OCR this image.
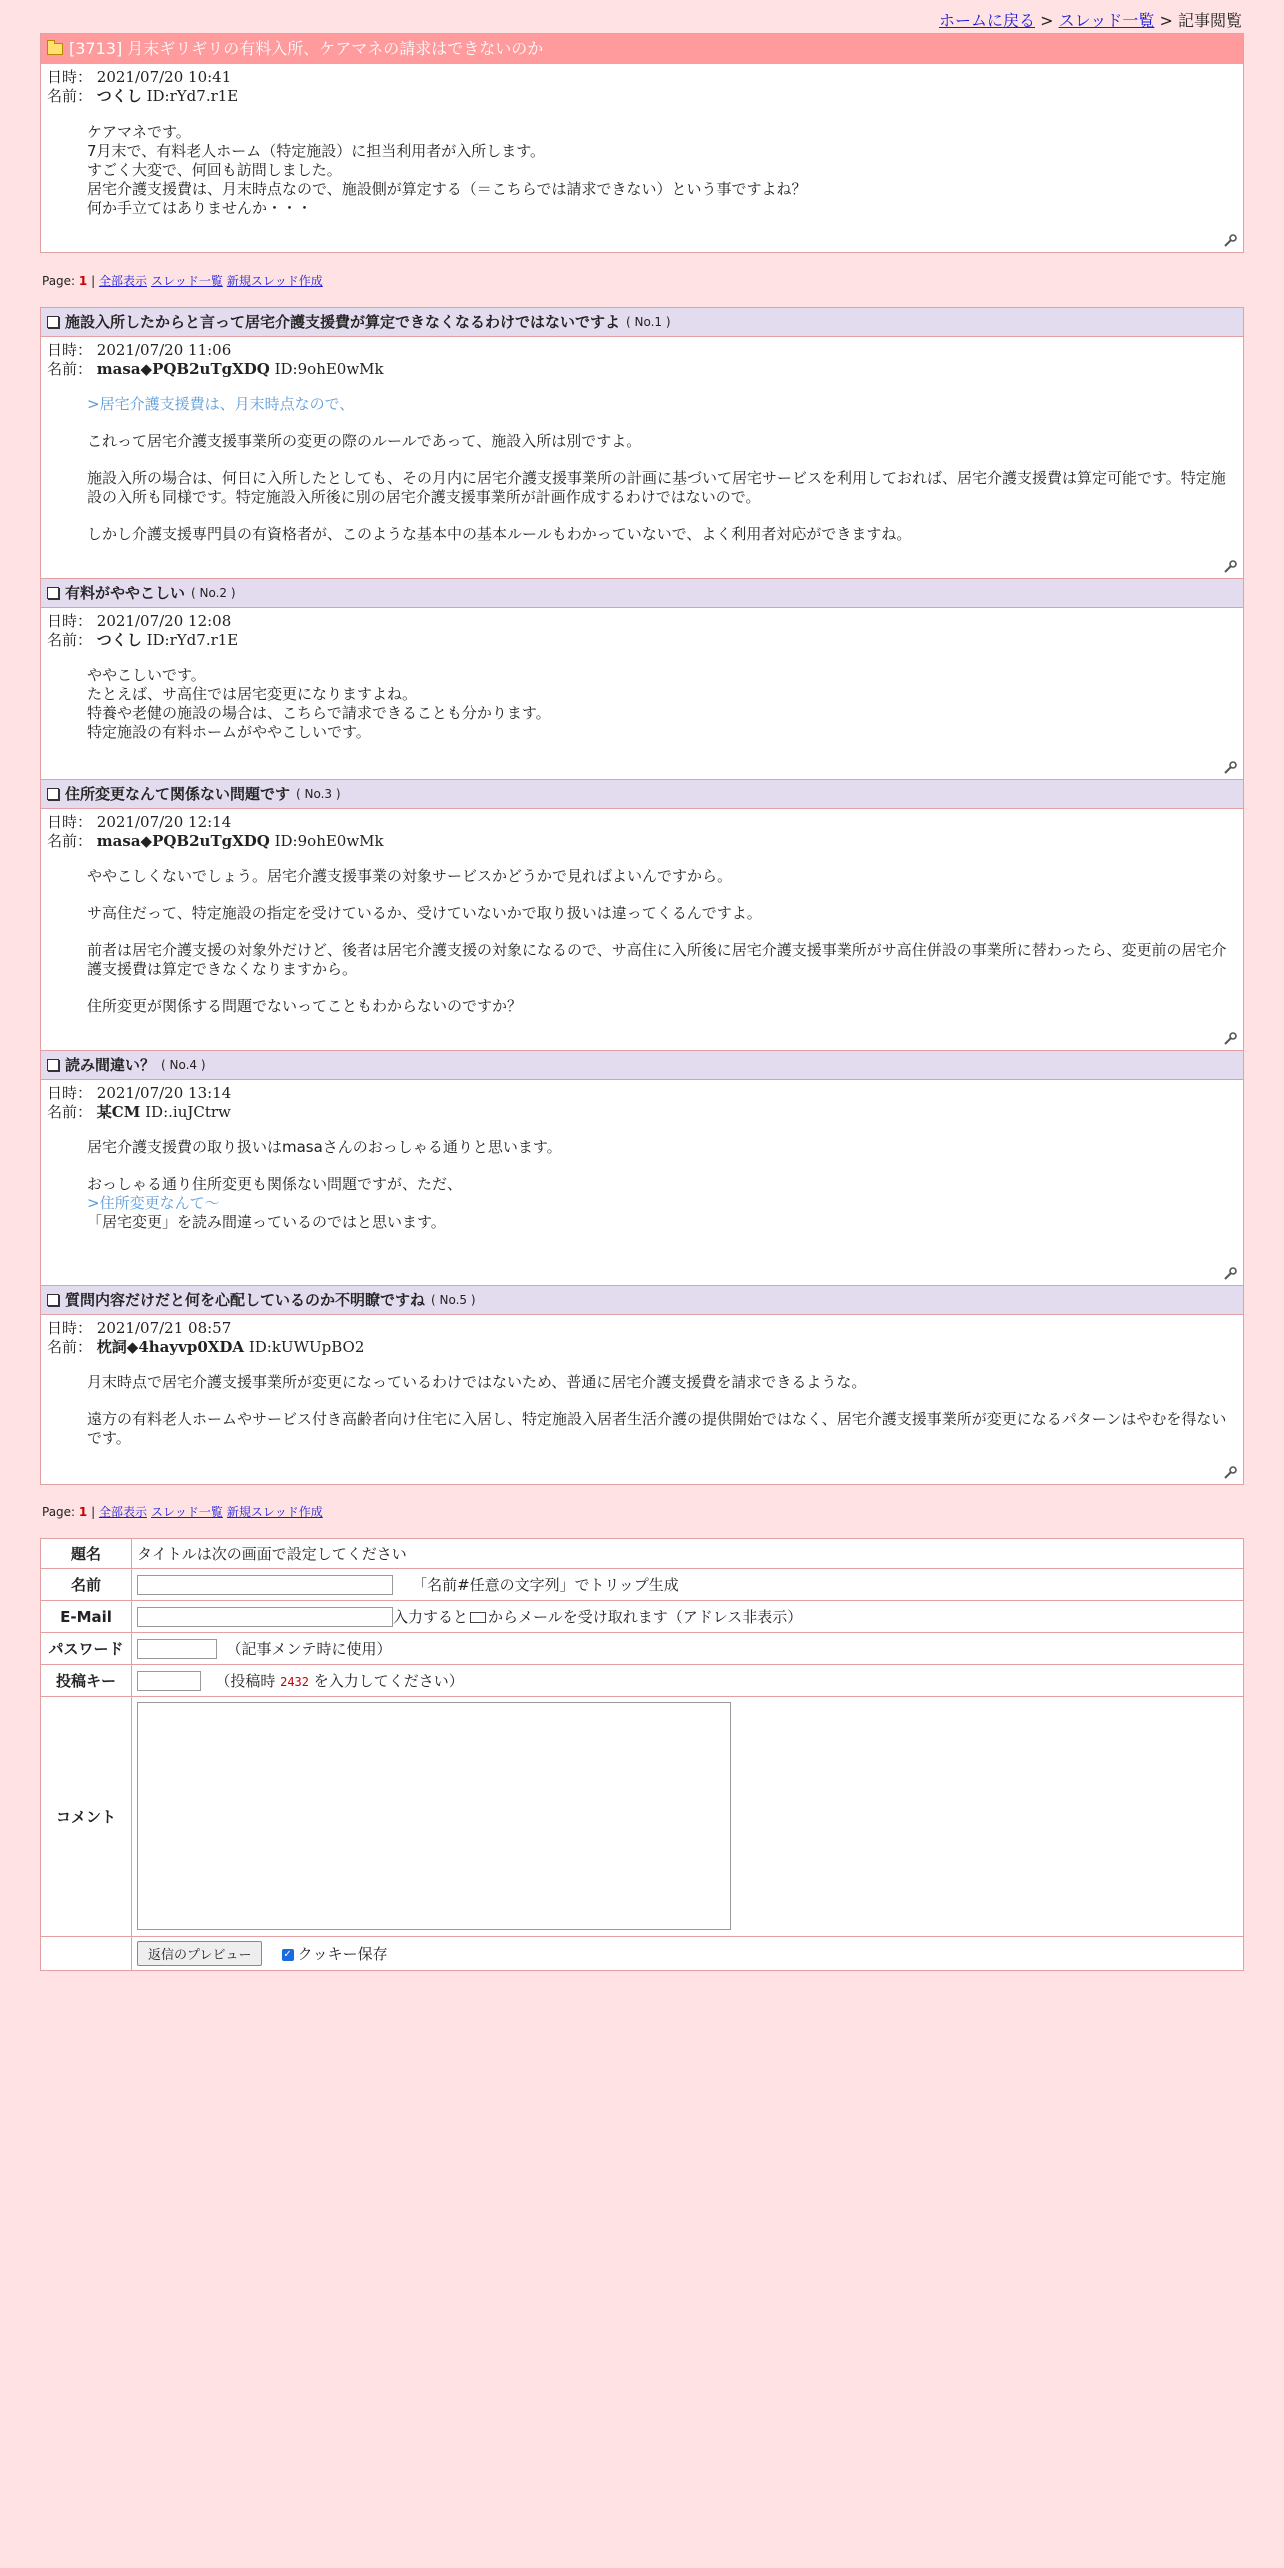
ホームに戻る > スレッド一覧 > 記事閲覧
[3713] 月末ギリギリの有料入所、ケアマネの請求はできないのか
日時： 2021/07/20 10:41
名前： つくし ID:rYd7.r1E
ケアマネです。
7月末で、有料老人ホーム（特定施設）に担当利用者が入所します。
すごく大変で、何回も訪問しました。
居宅介護支援費は、月末時点なので、施設側が算定する（＝こちらでは請求できない）という事ですよね？
何か手立てはありませんか・・・
Page: 1 | 全部表示 スレッド一覧 新規スレッド作成
施設入所したからと言って居宅介護支援費が算定できなくなるわけではないですよ ( No.1 )
日時： 2021/07/20 11:06
名前： masa◆PQB2uTgXDQ ID:9ohE0wMk

>居宅介護支援費は、月末時点なので、

これって居宅介護支援事業所の変更の際のルールであって、施設入所は別ですよ。

施設入所の場合は、何日に入所したとしても、その月内に居宅介護支援事業所の計画に基づいて居宅サービスを利用しておれば、居宅介護支援費は算定可能です。特定施設の入所も同様です。特定施設入所後に別の居宅介護支援事業所が計画作成するわけではないので。

しかし介護支援専門員の有資格者が、このような基本中の基本ルールもわかっていないで、よく利用者対応ができますね。

有料がややこしい ( No.2 )
日時： 2021/07/20 12:08
名前： つくし ID:rYd7.r1E
ややこしいです。
たとえば、サ高住では居宅変更になりますよね。
特養や老健の施設の場合は、こちらで請求できることも分かります。
特定施設の有料ホームがややこしいです。
住所変更なんて関係ない問題です ( No.3 )
日時： 2021/07/20 12:14
名前： masa◆PQB2uTgXDQ ID:9ohE0wMk

ややこしくないでしょう。居宅介護支援事業の対象サービスかどうかで見ればよいんですから。

サ高住だって、特定施設の指定を受けているか、受けていないかで取り扱いは違ってくるんですよ。

前者は居宅介護支援の対象外だけど、後者は居宅介護支援の対象になるので、サ高住に入所後に居宅介護支援事業所がサ高住併設の事業所に替わったら、変更前の居宅介護支援費は算定できなくなりますから。

住所変更が関係する問題でないってこともわからないのですか？

読み間違い？ ( No.4 )
日時： 2021/07/20 13:14
名前： 某CM ID:.iuJCtrw

居宅介護支援費の取り扱いはmasaさんのおっしゃる通りと思います。

おっしゃる通り住所変更も関係ない問題ですが、ただ、
>住所変更なんて～
「居宅変更」を読み間違っているのではと思います。
質問内容だけだと何を心配しているのか不明瞭ですね ( No.5 )
日時： 2021/07/21 08:57
名前： 枕詞◆4hayvp0XDA ID:kUWUpBO2

月末時点で居宅介護支援事業所が変更になっているわけではないため、普通に居宅介護支援費を請求できるような。

遠方の有料老人ホームやサービス付き高齢者向け住宅に入居し、特定施設入居者生活介護の提供開始ではなく、居宅介護支援事業所が変更になるパターンはやむを得ないです。

Page: 1 | 全部表示 スレッド一覧 新規スレッド作成
題名	タイトルは次の画面で設定してください
名前	「名前#任意の文字列」でトリップ生成
E-Mail	入力すると からメールを受け取れます（アドレス非表示）
パスワード	（記事メンテ時に使用）
投稿キー	（投稿時 2432 を入力してください）
コメント	
	返信のプレビュー ✓ クッキー保存
